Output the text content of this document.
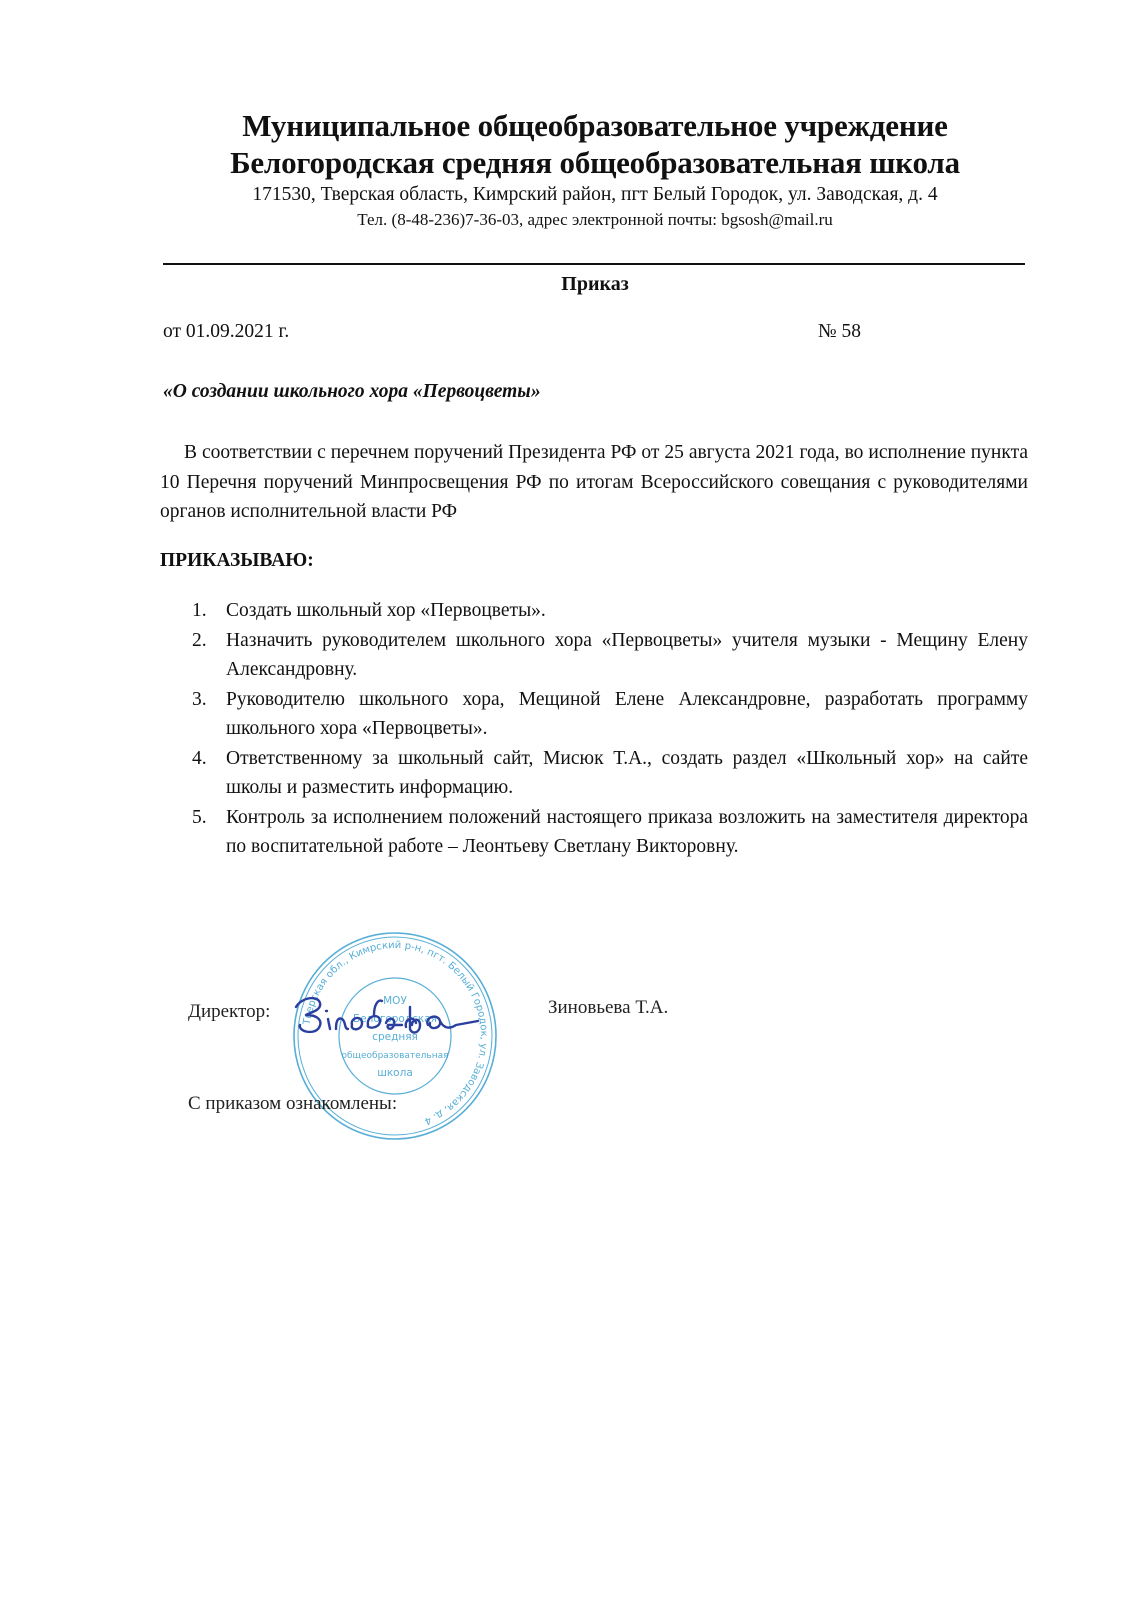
Муниципальное общеобразовательное учреждение
Белогородская средняя общеобразовательная школа
171530, Тверская область, Кимрский район, пгт Белый Городок, ул. Заводская, д. 4
Тел. (8-48-236)7-36-03, адрес электронной почты: bgsosh@mail.ru
Приказ
от 01.09.2021 г.	№ 58
«О создании школьного хора «Первоцветы»

В соответствии с перечнем поручений Президента РФ от 25 августа 2021 года, во исполнение пункта 10 Перечня поручений Минпросвещения РФ по итогам Всероссийского совещания с руководителями органов исполнительной власти РФ

ПРИКАЗЫВАЮ:
1. Создать школьный хор «Первоцветы».
2. Назначить руководителем школьного хора «Первоцветы» учителя музыки - Мещину Елену Александровну.
3. Руководителю школьного хора, Мещиной Елене Александровне, разработать программу школьного хора «Первоцветы».
4. Ответственному за школьный сайт, Мисюк Т.А., создать раздел «Школьный хор» на сайте школы и разместить информацию.
5. Контроль за исполнением положений настоящего приказа возложить на заместителя директора по воспитательной работе – Леонтьеву Светлану Викторовну.
Тверская обл., Кимрский р-н, пгт. Белый Городок, ул. Заводская, д. 4
МОУ
Белогородская
средняя
общеобразовательная
школа
Директор:	Зиновьева Т.А.
С приказом ознакомлены:
